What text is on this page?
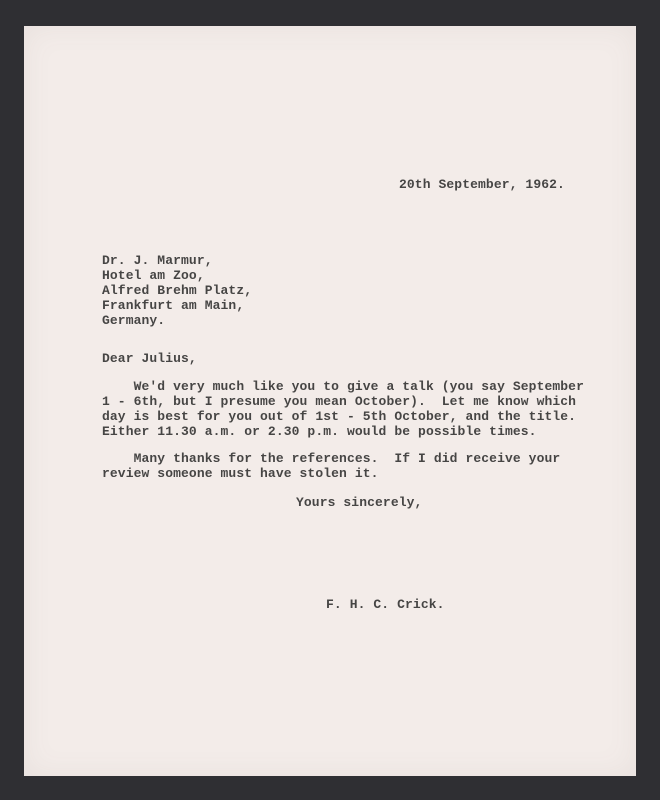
20th September, 1962.
Dr. J. Marmur,
Hotel am Zoo,
Alfred Brehm Platz,
Frankfurt am Main,
Germany.
Dear Julius,
We'd very much like you to give a talk (you say September
1 - 6th, but I presume you mean October).  Let me know which
day is best for you out of 1st - 5th October, and the title.
Either 11.30 a.m. or 2.30 p.m. would be possible times.
Many thanks for the references.  If I did receive your
review someone must have stolen it.
Yours sincerely,
F. H. C. Crick.
